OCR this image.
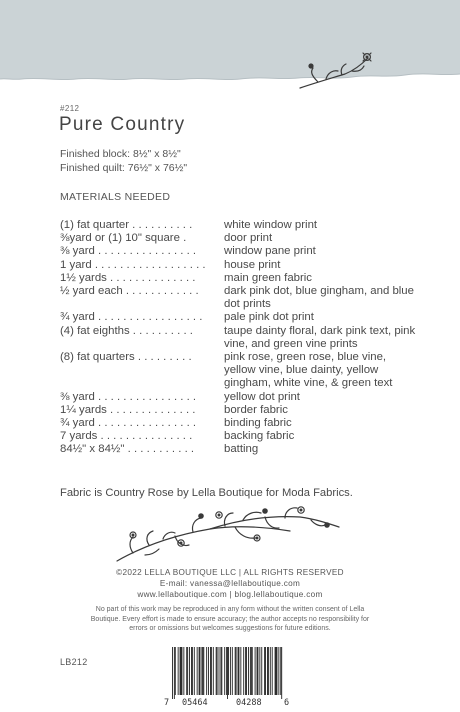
#212
Pure Country
Finished block: 8½" x 8½"
Finished quilt: 76½" x 76½"
MATERIALS NEEDED
(1) fat quarter . . . . . . . . . .	white window print
⅜yard or (1) 10" square .	door print
⅜ yard . . . . . . . . . . . . . . . .	window pane print
1 yard . . . . . . . . . . . . . . . . . .	house print
1½ yards . . . . . . . . . . . . . .	main green fabric
½ yard each . . . . . . . . . . . .	dark pink dot, blue gingham, and blue dot prints
¾ yard . . . . . . . . . . . . . . . . .	pale pink dot print
(4) fat eighths . . . . . . . . . .	taupe dainty floral, dark pink text, pink vine, and green vine prints
(8) fat quarters . . . . . . . . .	pink rose, green rose, blue vine, yellow vine, blue dainty, yellow gingham, white vine, & green text
⅜ yard . . . . . . . . . . . . . . . .	yellow dot print
1¼ yards . . . . . . . . . . . . . .	border fabric
¾ yard . . . . . . . . . . . . . . . .	binding fabric
7 yards . . . . . . . . . . . . . . .	backing fabric
84½" x 84½" . . . . . . . . . . .	batting
Fabric is Country Rose by Lella Boutique for Moda Fabrics.
©2022 LELLA BOUTIQUE LLC | ALL RIGHTS RESERVED
E-mail: vanessa@lellaboutique.com
www.lellaboutique.com | blog.lellaboutique.com
No part of this work may be reproduced in any form without the written consent of Lella Boutique. Every effort is made to ensure accuracy; the author accepts no responsibility for errors or omissions but welcomes suggestions for future editions.
LB212
7 05464	04288	6
